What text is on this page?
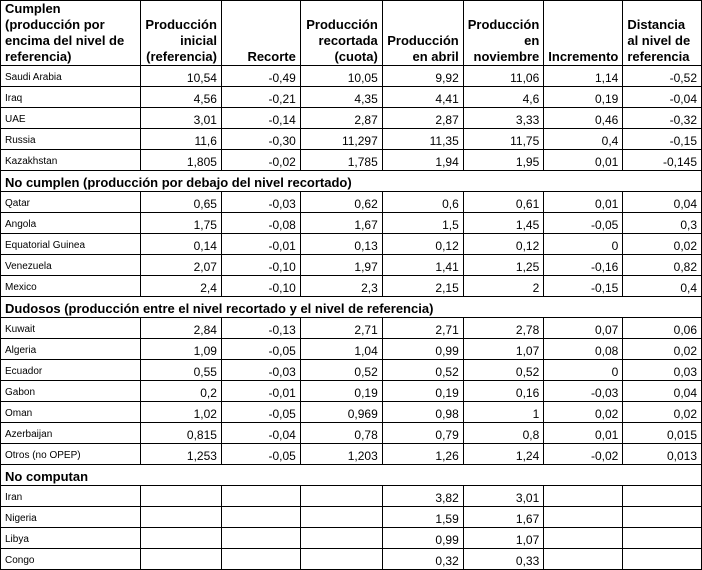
Cumplen (producción por encima del nivel de referencia)	Producción inicial (referencia)	Recorte	Producción recortada (cuota)	Producción en abril	Producción en noviembre	Incremento	Distancia al nivel de referencia
Saudi Arabia	10,54	-0,49	10,05	9,92	11,06	1,14	-0,52
Iraq	4,56	-0,21	4,35	4,41	4,6	0,19	-0,04
UAE	3,01	-0,14	2,87	2,87	3,33	0,46	-0,32
Russia	11,6	-0,30	11,297	11,35	11,75	0,4	-0,15
Kazakhstan	1,805	-0,02	1,785	1,94	1,95	0,01	-0,145
No cumplen (producción por debajo del nivel recortado)							
Qatar	0,65	-0,03	0,62	0,6	0,61	0,01	0,04
Angola	1,75	-0,08	1,67	1,5	1,45	-0,05	0,3
Equatorial Guinea	0,14	-0,01	0,13	0,12	0,12	0	0,02
Venezuela	2,07	-0,10	1,97	1,41	1,25	-0,16	0,82
Mexico	2,4	-0,10	2,3	2,15	2	-0,15	0,4
Dudosos (producción entre el nivel recortado y el nivel de referencia)							
Kuwait	2,84	-0,13	2,71	2,71	2,78	0,07	0,06
Algeria	1,09	-0,05	1,04	0,99	1,07	0,08	0,02
Ecuador	0,55	-0,03	0,52	0,52	0,52	0	0,03
Gabon	0,2	-0,01	0,19	0,19	0,16	-0,03	0,04
Oman	1,02	-0,05	0,969	0,98	1	0,02	0,02
Azerbaijan	0,815	-0,04	0,78	0,79	0,8	0,01	0,015
Otros (no OPEP)	1,253	-0,05	1,203	1,26	1,24	-0,02	0,013
No computan							
Iran				3,82	3,01		
Nigeria				1,59	1,67		
Libya				0,99	1,07		
Congo				0,32	0,33		
